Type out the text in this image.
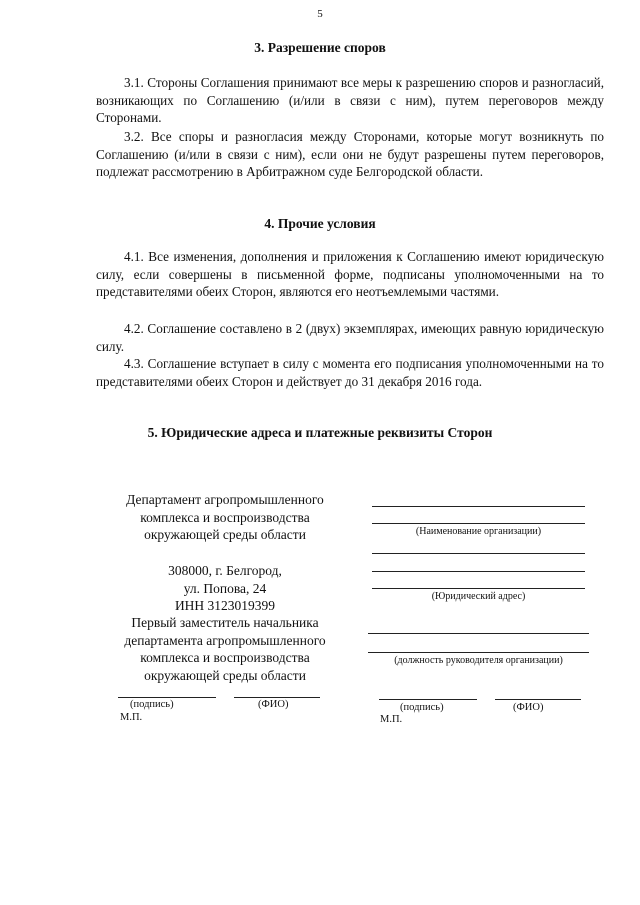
5
3. Разрешение споров

3.1. Стороны Соглашения принимают все меры к разрешению споров и разногласий, возникающих по Соглашению (и/или в связи с ним), путем переговоров между Сторонами.

3.2. Все споры и разногласия между Сторонами, которые могут возникнуть по Соглашению (и/или в связи с ним), если они не будут разрешены путем переговоров, подлежат рассмотрению в Арбитражном суде Белгородской области.

4. Прочие условия

4.1. Все изменения, дополнения и приложения к Соглашению имеют юридическую силу, если совершены в письменной форме, подписаны уполномоченными на то представителями обеих Сторон, являются его неотъемлемыми частями.

4.2. Соглашение составлено в 2 (двух) экземплярах, имеющих равную юридическую силу.

4.3. Соглашение вступает в силу с момента его подписания уполномоченными на то представителями обеих Сторон и действует до 31 декабря 2016 года.

5. Юридические адреса и платежные реквизиты Сторон
Департамент агропромышленного
комплекса и воспроизводства
окружающей среды области
308000, г. Белгород,
ул. Попова, 24
ИНН 3123019399
Первый заместитель начальника
департамента агропромышленного
комплекса и воспроизводства
окружающей среды области
(подпись)	(ФИО)
М.П.
(Наименование организации)
(Юридический адрес)
(должность руководителя организации)
(подпись)	(ФИО)
М.П.
